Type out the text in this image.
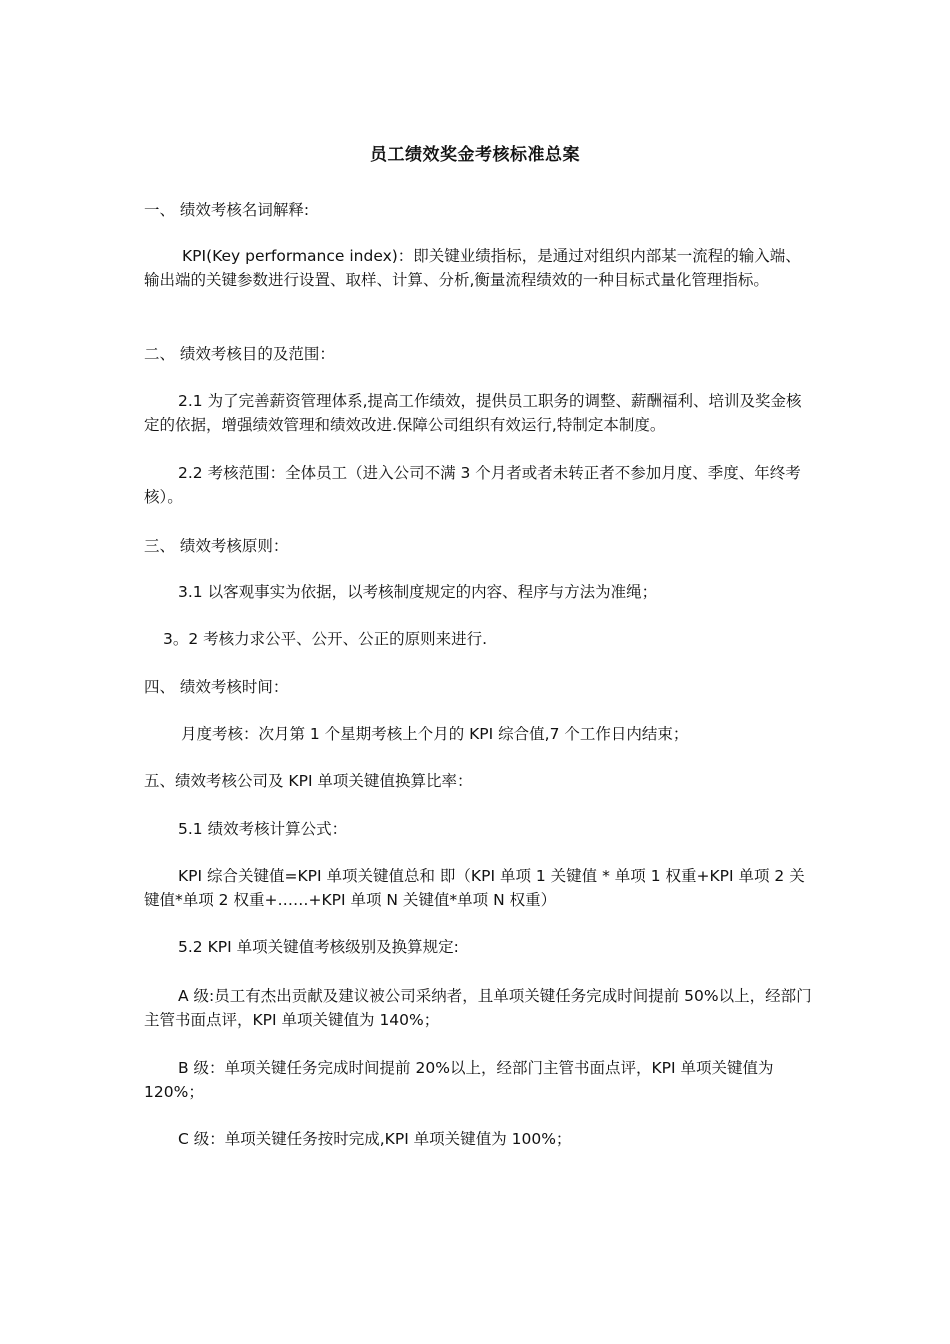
员工绩效奖金考核标准总案
一、 绩效考核名词解释:
KPI(Key performance index)：即关键业绩指标，是通过对组织内部某一流程的输入端、输出端的关键参数进行设置、取样、计算、分析,衡量流程绩效的一种目标式量化管理指标。
二、 绩效考核目的及范围：
2.1 为了完善薪资管理体系,提高工作绩效，提供员工职务的调整、薪酬福利、培训及奖金核定的依据，增强绩效管理和绩效改进.保障公司组织有效运行,特制定本制度。
2.2 考核范围：全体员工（进入公司不满 3 个月者或者未转正者不参加月度、季度、年终考核）。
三、 绩效考核原则：
3.1 以客观事实为依据，以考核制度规定的内容、程序与方法为准绳；
3。2 考核力求公平、公开、公正的原则来进行.
四、 绩效考核时间：
月度考核：次月第 1 个星期考核上个月的 KPI 综合值,7 个工作日内结束；
五、绩效考核公司及 KPI 单项关键值换算比率：
5.1 绩效考核计算公式：
KPI 综合关键值=KPI 单项关键值总和 即（KPI 单项 1 关键值 * 单项 1 权重+KPI 单项 2 关键值*单项 2 权重+……+KPI 单项 N 关键值*单项 N 权重）
5.2 KPI 单项关键值考核级别及换算规定:
A 级:员工有杰出贡献及建议被公司采纳者，且单项关键任务完成时间提前 50%以上，经部门主管书面点评，KPI 单项关键值为 140%；
B 级：单项关键任务完成时间提前 20%以上，经部门主管书面点评，KPI 单项关键值为 120%；
C 级：单项关键任务按时完成,KPI 单项关键值为 100%；
